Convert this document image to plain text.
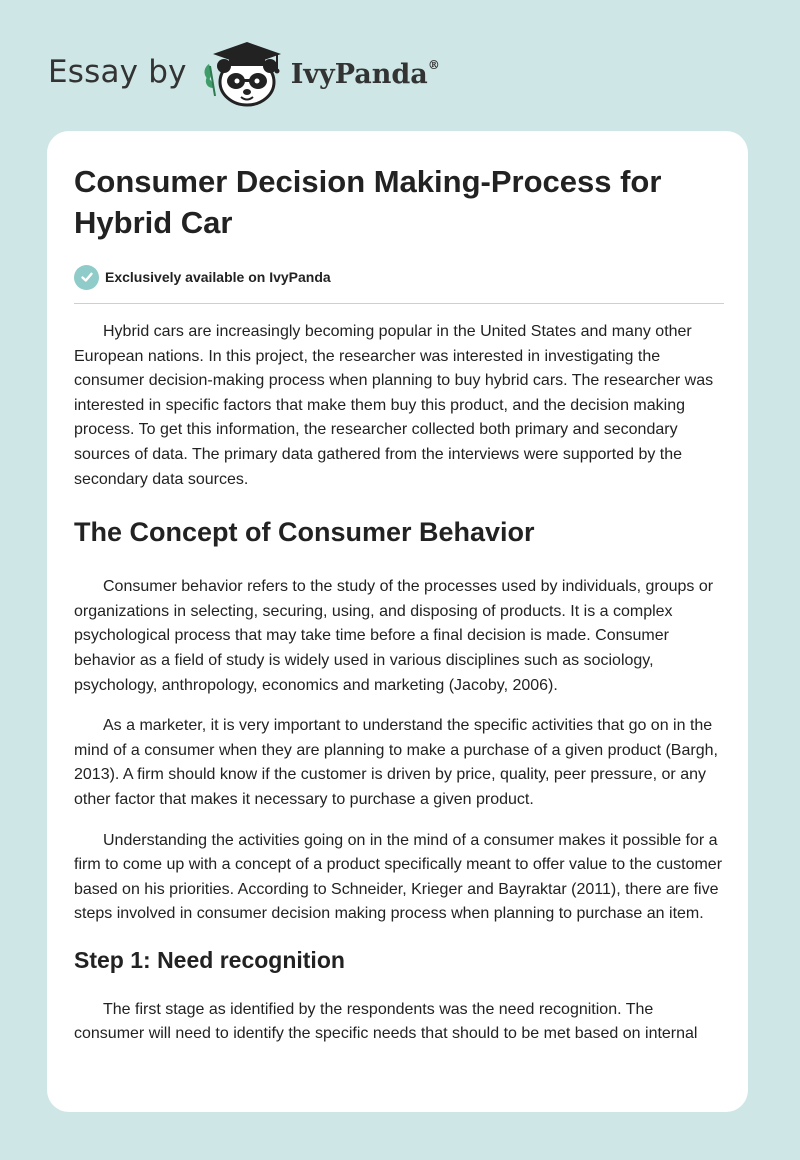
Essay by	IvyPanda®
Consumer Decision Making-Process for Hybrid Car
Exclusively available on IvyPanda

Hybrid cars are increasingly becoming popular in the United States and many other European nations. In this project, the researcher was interested in investigating the consumer decision-making process when planning to buy hybrid cars. The researcher was interested in specific factors that make them buy this product, and the decision making process. To get this information, the researcher collected both primary and secondary sources of data. The primary data gathered from the interviews were supported by the secondary data sources.

The Concept of Consumer Behavior

Consumer behavior refers to the study of the processes used by individuals, groups or organizations in selecting, securing, using, and disposing of products. It is a complex psychological process that may take time before a final decision is made. Consumer behavior as a field of study is widely used in various disciplines such as sociology, psychology, anthropology, economics and marketing (Jacoby, 2006).

As a marketer, it is very important to understand the specific activities that go on in the mind of a consumer when they are planning to make a purchase of a given product (Bargh, 2013). A firm should know if the customer is driven by price, quality, peer pressure, or any other factor that makes it necessary to purchase a given product.

Understanding the activities going on in the mind of a consumer makes it possible for a firm to come up with a concept of a product specifically meant to offer value to the customer based on his priorities. According to Schneider, Krieger and Bayraktar (2011), there are five steps involved in consumer decision making process when planning to purchase an item.

Step 1: Need recognition

The first stage as identified by the respondents was the need recognition. The consumer will need to identify the specific needs that should to be met based on internal
